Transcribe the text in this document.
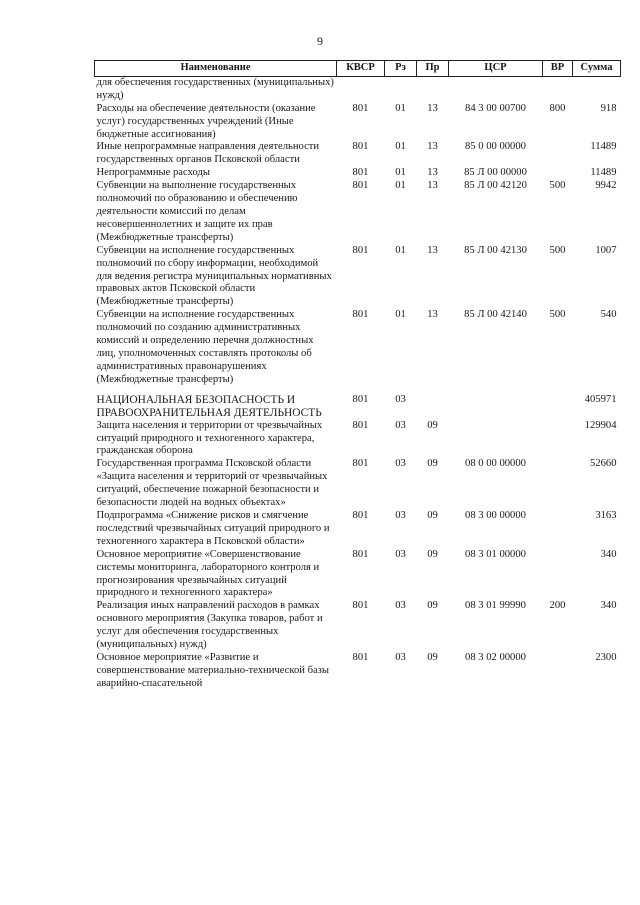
9
Наименование	КВСР	Рз	Пр	ЦСР	ВР	Сумма
для обеспечения государственных (муниципальных) нужд)						
Расходы на обеспечение деятельности (оказание услуг) государственных учреждений (Иные бюджетные ассигнования)	801	01	13	84 3 00 00700	800	918
Иные непрограммные направления деятельности государственных органов Псковской области	801	01	13	85 0 00 00000		11489
Непрограммные расходы	801	01	13	85 Л 00 00000		11489
Субвенции на выполнение государственных полномочий по образованию и обеспечению деятельности комиссий по делам несовершеннолетних и защите их прав (Межбюджетные трансферты)	801	01	13	85 Л 00 42120	500	9942
Субвенции на исполнение государственных полномочий по сбору информации, необходимой для ведения регистра муниципальных нормативных правовых актов Псковской области (Межбюджетные трансферты)	801	01	13	85 Л 00 42130	500	1007
Субвенции на исполнение государственных полномочий по созданию административных комиссий и определению перечня должностных лиц, уполномоченных составлять протоколы об административных правонарушениях (Межбюджетные трансферты)	801	01	13	85 Л 00 42140	500	540
НАЦИОНАЛЬНАЯ БЕЗОПАСНОСТЬ И ПРАВООХРАНИТЕЛЬНАЯ ДЕЯТЕЛЬНОСТЬ	801	03				405971
Защита населения и территории от чрезвычайных ситуаций природного и техногенного характера, гражданская оборона	801	03	09			129904
Государственная программа Псковской области «Защита населения и территорий от чрезвычайных ситуаций, обеспечение пожарной безопасности и безопасности людей на водных объектах»	801	03	09	08 0 00 00000		52660
Подпрограмма «Снижение рисков и смягчение последствий чрезвычайных ситуаций природного и техногенного характера в Псковской области»	801	03	09	08 3 00 00000		3163
Основное мероприятие «Совершенствование системы мониторинга, лабораторного контроля и прогнозирования чрезвычайных ситуаций природного и техногенного характера»	801	03	09	08 3 01 00000		340
Реализация иных направлений расходов в рамках основного мероприятия (Закупка товаров, работ и услуг для обеспечения государственных (муниципальных) нужд)	801	03	09	08 3 01 99990	200	340
Основное мероприятие «Развитие и совершенствование материально-технической базы аварийно-спасательной	801	03	09	08 3 02 00000		2300
